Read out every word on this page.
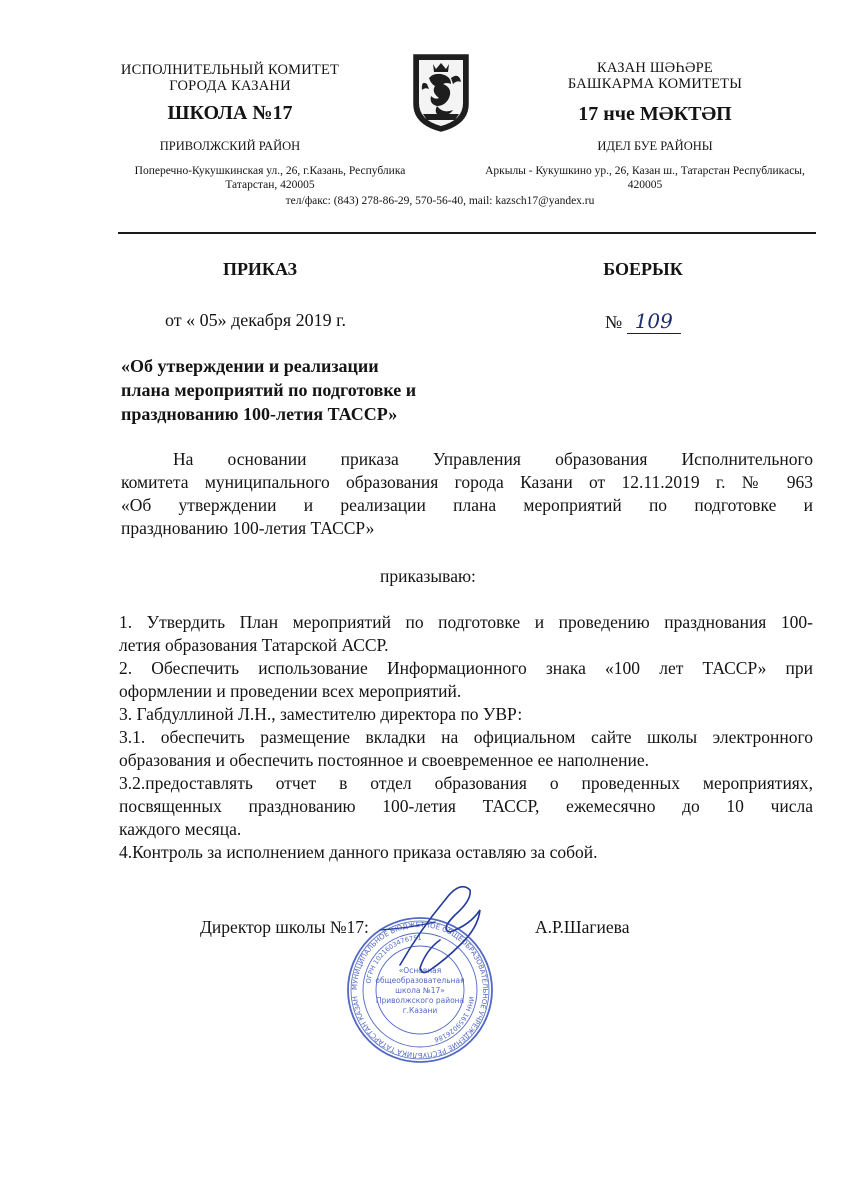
ИСПОЛНИТЕЛЬНЫЙ КОМИТЕТ
ГОРОДА КАЗАНИ
ШКОЛА №17
ПРИВОЛЖСКИЙ РАЙОН
Поперечно-Кукушкинская ул., 26, г.Казань, Республика
Татарстан, 420005
КАЗАН ШӘҺӘРЕ
БАШКАРМА КОМИТЕТЫ
17 нче МӘКТӘП
ИДЕЛ БУЕ РАЙОНЫ
Аркылы - Кукушкино ур., 26, Казан ш., Татарстан Республикасы,
420005
тел/факс: (843) 278-86-29, 570-56-40, mail: kazsch17@yandex.ru
ПРИКАЗ	БОЕРЫК
от « 05» декабря 2019 г.	№ 109
«Об утверждении и реализации
плана мероприятий по подготовке и
празднованию 100-летия ТАССР»
На основании приказа Управления образования Исполнительного
комитета муниципального образования города Казани от 12.11.2019 г. № 963
«Об утверждении и реализации плана мероприятий по подготовке и
празднованию 100-летия ТАССР»
приказываю:
1. Утвердить План мероприятий по подготовке и проведению празднования 100-
летия образования Татарской АССР.
2. Обеспечить использование Информационного знака «100 лет ТАССР» при
оформлении и проведении всех мероприятий.
3. Габдуллиной Л.Н., заместителю директора по УВР:
3.1. обеспечить размещение вкладки на официальном сайте школы электронного
образования и обеспечить постоянное и своевременное ее наполнение.
3.2.предоставлять отчет в отдел образования о проведенных мероприятиях,
посвященных празднованию 100-летия ТАССР, ежемесячно до 10 числа
каждого месяца.
4.Контроль за исполнением данного приказа оставляю за собой.
Директор школы №17:	А.Р.Шагиева
МУНИЦИПАЛЬНОЕ БЮДЖЕТНОЕ ОБЩЕОБРАЗОВАТЕЛЬНОЕ УЧРЕЖДЕНИЕ РЕСПУБЛИКА ТАТАРСТАН КАЗАН
ОГРН 1021603476751
ИНН 1659026186
«Основная
общеобразовательная
школа №17»
Приволжского района
г.Казани
